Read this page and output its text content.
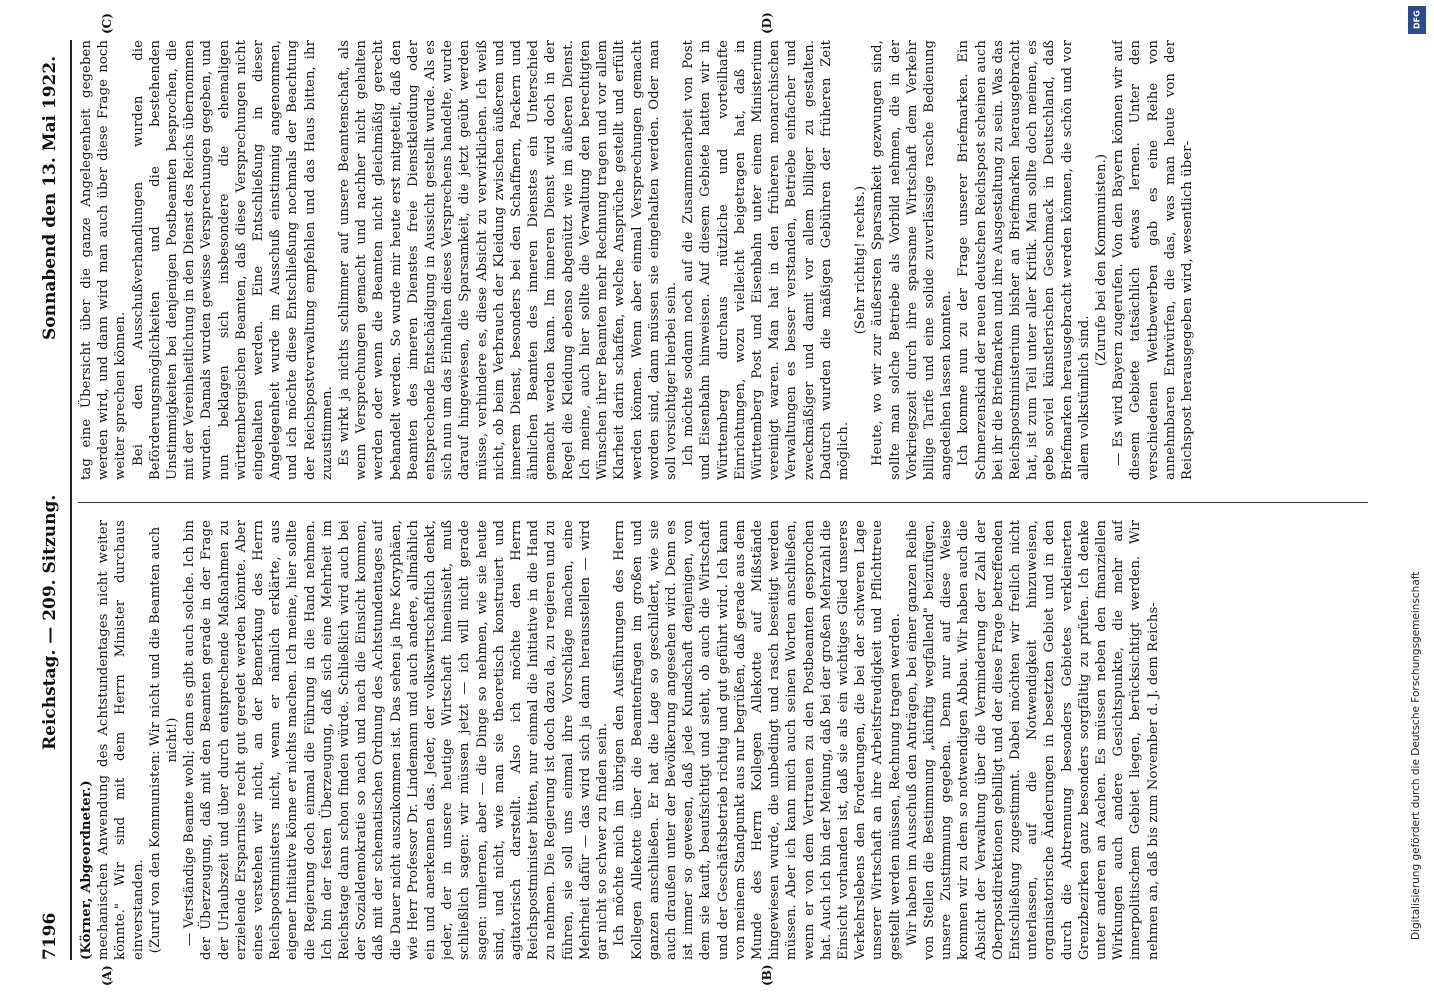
7196
Reichstag. — 209. Sitzung.
Sonnabend den 13. Mai 1922.
(A)	(B)
(C)	(D)

(Körner, Abgeordneter.) mechanischen Anwendung des Achtstundentages nicht weiter könnte." Wir sind mit dem Herrn Minister durchaus einverstanden. (Zuruf von den Kommunisten: Wir nicht und die Beamten auch nicht!) — Verständige Beamte wohl; denn es gibt auch solche. Ich bin der Überzeugung, daß mit den Beamten gerade in der Frage der Urlaubszeit und über durch entsprechende Maßnahmen zu erzielende Ersparnisse recht gut geredet werden könnte. Aber eines verstehen wir nicht, an der Bemerkung des Herrn Reichspostministers nicht, wenn er nämlich erklärte, aus eigener Initiative könne er nichts machen. Ich meine, hier sollte die Regierung doch einmal die Führung in die Hand nehmen. Ich bin der festen Überzeugung, daß sich eine Mehrheit im Reichstage dann schon finden würde. Schließlich wird auch bei der Sozialdemokratie so nach und nach die Einsicht kommen, daß mit der schematischen Ordnung des Achtstundentages auf die Dauer nicht auszukommen ist. Das sehen ja Ihre Koryphäen, wie Herr Professor Dr. Lindemann und auch andere, allmählich ein und anerkennen das. Jeder, der volkswirtschaftlich denkt, jeder, der in unsere heutige Wirtschaft hineinsieht, muß schließlich sagen: wir müssen jetzt — ich will nicht gerade sagen: umlernen, aber — die Dinge so nehmen, wie sie heute sind, und nicht, wie man sie theoretisch konstruiert und agitatorisch darstellt. Also ich möchte den Herrn Reichspostminister bitten, nur einmal die Initiative in die Hand zu nehmen. Die Regierung ist doch dazu da, zu regieren und zu führen, sie soll uns einmal ihre Vorschläge machen, eine Mehrheit dafür — das wird sich ja dann herausstellen — wird gar nicht so schwer zu finden sein. Ich möchte mich im übrigen den Ausführungen des Herrn Kollegen Allekotte über die Beamtenfragen im großen und ganzen anschließen. Er hat die Lage so geschildert, wie sie auch draußen unter der Bevölkerung angesehen wird. Denn es ist immer so gewesen, daß jede Kundschaft denjenigen, von dem sie kauft, beaufsichtigt und sieht, ob auch die Wirtschaft und der Geschäftsbetrieb richtig und gut geführt wird. Ich kann von meinem Standpunkt aus nur begrüßen, daß gerade aus dem Munde des Herrn Kollegen Allekotte auf Mißstände hingewiesen wurde, die unbedingt und rasch beseitigt werden müssen. Aber ich kann mich auch seinen Worten anschließen, wenn er von dem Vertrauen zu den Postbeamten gesprochen hat. Auch ich bin der Meinung, daß bei der großen Mehrzahl die Einsicht vorhanden ist, daß sie als ein wichtiges Glied unseres Verkehrslebens den Forderungen, die bei der schweren Lage unserer Wirtschaft an ihre Arbeitsfreudigkeit und Pflichttreue gestellt werden müssen, Rechnung tragen werden. Wir haben im Ausschuß den Anträgen, bei einer ganzen Reihe von Stellen die Bestimmung „künftig wegfallend" beizufügen, unsere Zustimmung gegeben. Denn nur auf diese Weise kommen wir zu dem so notwendigen Abbau. Wir haben auch die Absicht der Verwaltung über die Verminderung der Zahl der Oberpostdirektionen gebilligt und der diese Frage betreffenden Entschließung zugestimmt. Dabei möchten wir freilich nicht unterlassen, auf die Notwendigkeit hinzuweisen, organisatorische Änderungen in besetzten Gebiet und in den durch die Abtrennung besonders Gebietes verkleinerten Grenzbezirken ganz besonders sorgfältig zu prüfen. Ich denke unter anderen an Aachen. Es müssen neben den finanziellen Wirkungen auch andere Gesichtspunkte, die mehr auf innerpolitischem Gebiet liegen, berücksichtigt werden. Wir nehmen an, daß bis zum November d. J. dem Reichs-

tag eine Übersicht über die ganze Angelegenheit gegeben werden wird, und dann wird man auch über diese Frage noch weiter sprechen können. Bei den Ausschußverhandlungen wurden die Beförderungsmöglichkeiten und die bestehenden Unstimmigkeiten bei denjenigen Postbeamten besprochen, die mit der Vereinheitlichung in den Dienst des Reichs übernommen wurden. Damals wurden gewisse Versprechungen gegeben, und nun beklagen sich insbesondere die ehemaligen württembergischen Beamten, daß diese Versprechungen nicht eingehalten werden. Eine Entschließung in dieser Angelegenheit wurde im Ausschuß einstimmig angenommen, und ich möchte diese Entschließung nochmals der Beachtung der Reichspostverwaltung empfehlen und das Haus bitten, ihr zuzustimmen. Es wirkt ja nichts schlimmer auf unsere Beamtenschaft, als wenn Versprechungen gemacht und nachher nicht gehalten werden oder wenn die Beamten nicht gleichmäßig gerecht behandelt werden. So wurde mir heute erst mitgeteilt, daß den Beamten des inneren Dienstes freie Dienstkleidung oder entsprechende Entschädigung in Aussicht gestellt wurde. Als es sich nun um das Einhalten dieses Versprechens handelte, wurde darauf hingewiesen, die Sparsamkeit, die jetzt geübt werden müsse, verhindere es, diese Absicht zu verwirklichen. Ich weiß nicht, ob beim Verbrauch der Kleidung zwischen äußerem und innerem Dienst, besonders bei den Schaffnern, Packern und ähnlichen Beamten des inneren Dienstes ein Unterschied gemacht werden kann. Im inneren Dienst wird doch in der Regel die Kleidung ebenso abgenützt wie im äußeren Dienst. Ich meine, auch hier sollte die Verwaltung den berechtigten Wünschen ihrer Beamten mehr Rechnung tragen und vor allem Klarheit darin schaffen, welche Ansprüche gestellt und erfüllt werden können. Wenn aber einmal Versprechungen gemacht worden sind, dann müssen sie eingehalten werden. Oder man soll vorsichtiger hierbei sein. Ich möchte sodann noch auf die Zusammenarbeit von Post und Eisenbahn hinweisen. Auf diesem Gebiete hatten wir in Württemberg durchaus nützliche und vorteilhafte Einrichtungen, wozu vielleicht beigetragen hat, daß in Württemberg Post und Eisenbahn unter einem Ministerium vereinigt waren. Man hat in den früheren monarchischen Verwaltungen es besser verstanden, Betriebe einfacher und zweckmäßiger und damit vor allem billiger zu gestalten. Dadurch wurden die mäßigen Gebühren der früheren Zeit möglich.

(Sehr richtig! rechts.) Heute, wo wir zur äußersten Sparsamkeit gezwungen sind, sollte man solche Betriebe als Vorbild nehmen, die in der Vorkriegszeit durch ihre sparsame Wirtschaft dem Verkehr billige Tarife und eine solide zuverlässige rasche Bedienung angedeihen lassen konnten. Ich komme nun zu der Frage unserer Briefmarken. Ein Schmerzenskind der neuen deutschen Reichspost scheinen auch bei ihr die Briefmarken und ihre Ausgestaltung zu sein. Was das Reichspostministerium bisher an Briefmarken herausgebracht hat, ist zum Teil unter aller Kritik. Man sollte doch meinen, es gebe soviel künstlerischen Geschmack in Deutschland, daß Briefmarken herausgebracht werden können, die schön und vor allem volkstümlich sind.

(Zurufe bei den Kommunisten.) — Es wird Bayern zugerufen. Von den Bayern können wir auf diesem Gebiete tatsächlich etwas lernen. Unter den verschiedenen Wettbewerben gab es eine Reihe von annehmbaren Entwürfen, die das, was man heute von der Reichspost herausgegeben wird, wesentlich über-

DFG
Digitalisierung gefördert durch die Deutsche Forschungsgemeinschaft
